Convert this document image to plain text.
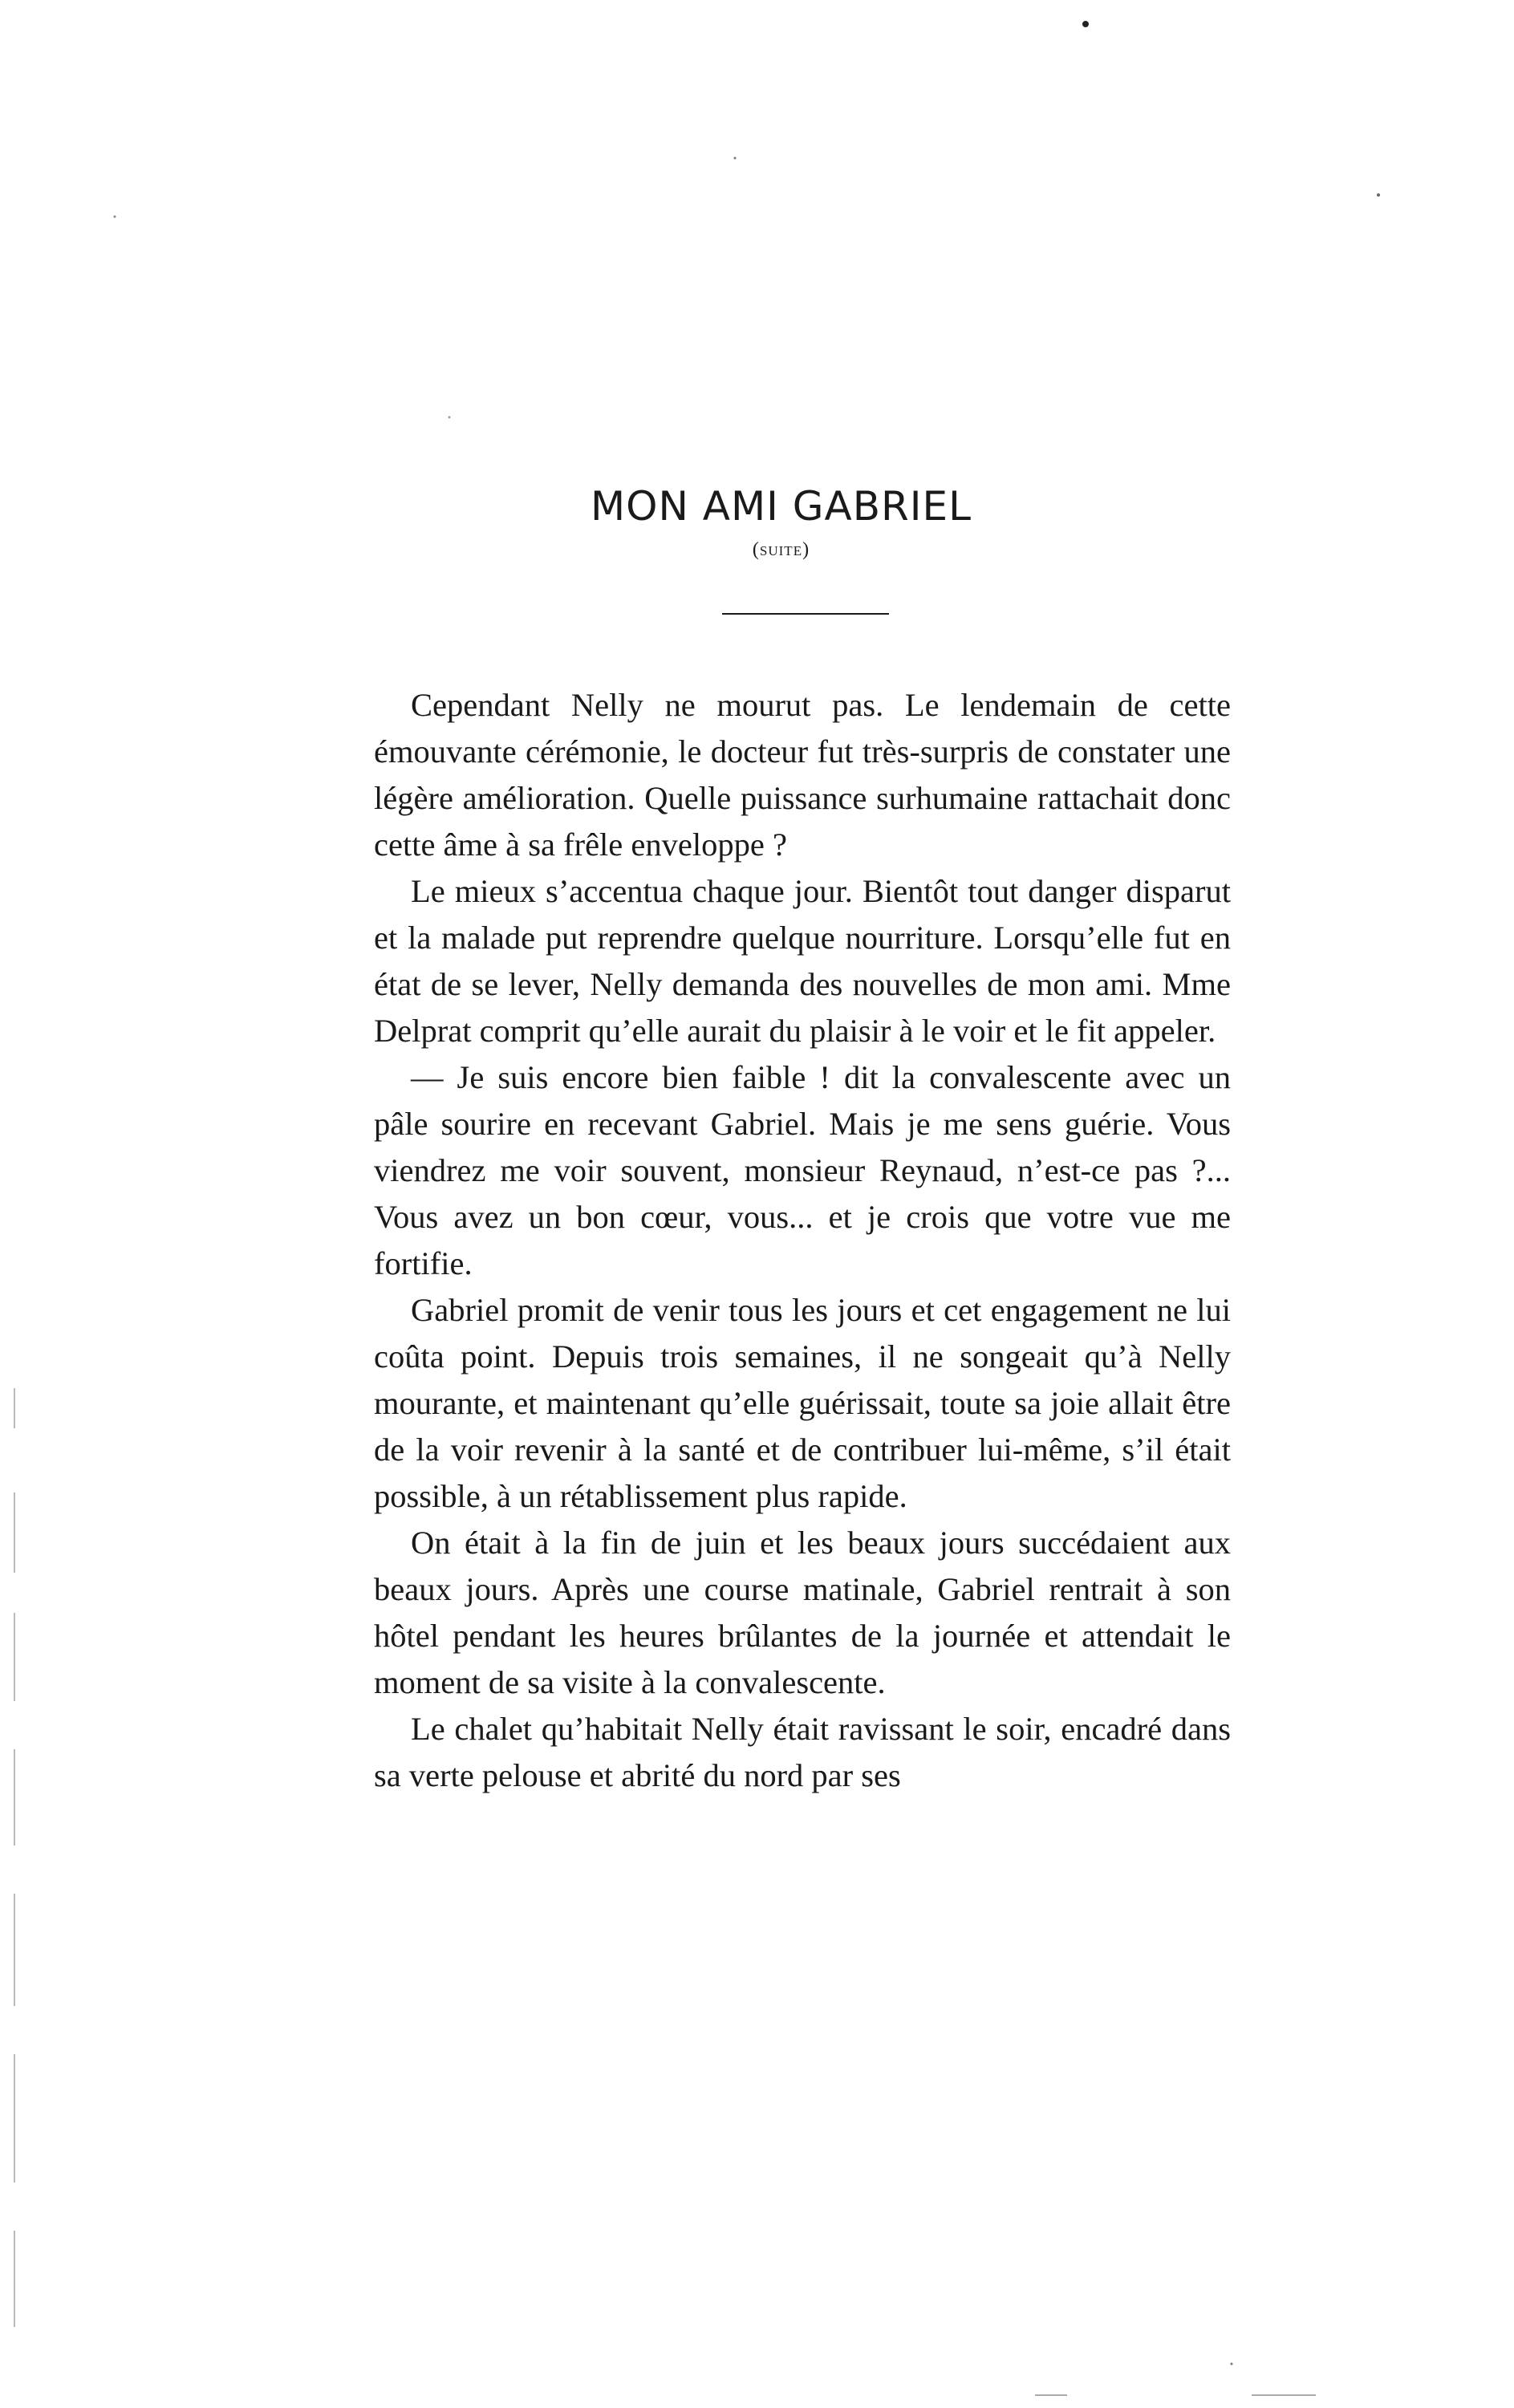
MON AMI GABRIEL
(suite)

Cependant Nelly ne mourut pas. Le lendemain de cette émouvante cérémonie, le docteur fut très-surpris de constater une légère amélioration. Quelle puissance surhumaine rattachait donc cette âme à sa frêle enveloppe ?

Le mieux s’accentua chaque jour. Bientôt tout danger disparut et la malade put reprendre quelque nourriture. Lorsqu’elle fut en état de se lever, Nelly demanda des nouvelles de mon ami. Mme Delprat comprit qu’elle aurait du plaisir à le voir et le fit appeler.

— Je suis encore bien faible ! dit la convalescente avec un pâle sourire en recevant Gabriel. Mais je me sens guérie. Vous viendrez me voir souvent, monsieur Reynaud, n’est-ce pas ?... Vous avez un bon cœur, vous... et je crois que votre vue me fortifie.

Gabriel promit de venir tous les jours et cet engagement ne lui coûta point. Depuis trois semaines, il ne songeait qu’à Nelly mourante, et maintenant qu’elle guérissait, toute sa joie allait être de la voir revenir à la santé et de contribuer lui-même, s’il était possible, à un rétablissement plus rapide.

On était à la fin de juin et les beaux jours succédaient aux beaux jours. Après une course matinale, Gabriel rentrait à son hôtel pendant les heures brûlantes de la journée et attendait le moment de sa visite à la convalescente.

Le chalet qu’habitait Nelly était ravissant le soir, encadré dans sa verte pelouse et abrité du nord par ses
